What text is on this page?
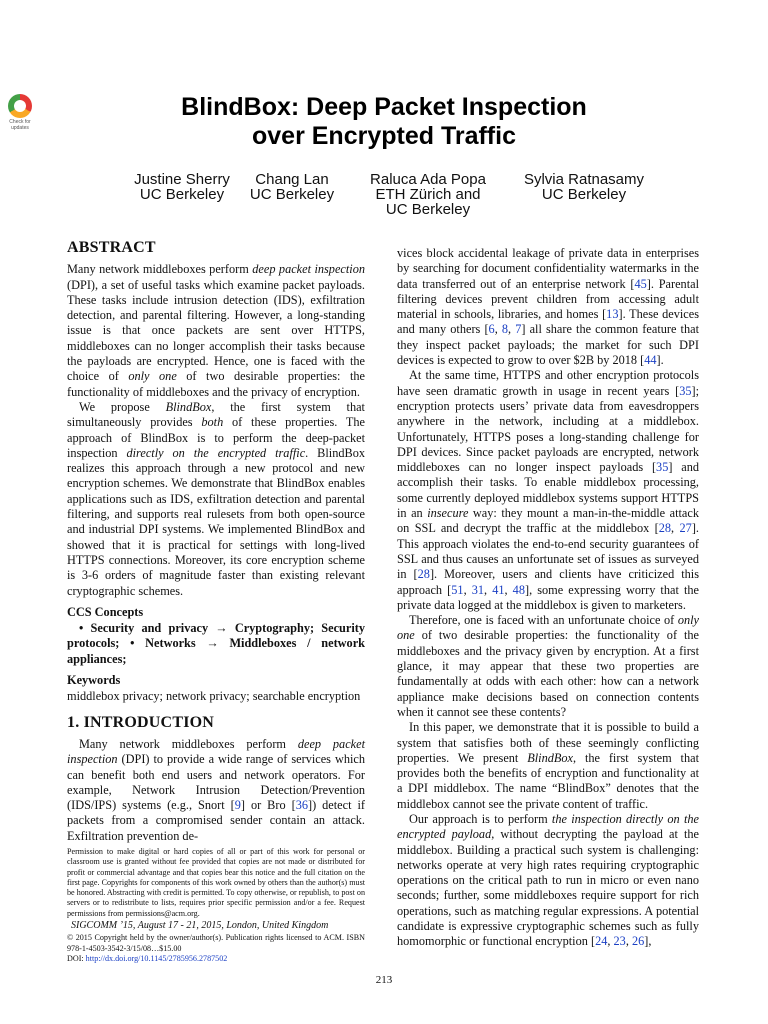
Check for
updates
BlindBox: Deep Packet Inspection
over Encrypted Traffic
Justine Sherry
UC Berkeley
Chang Lan
UC Berkeley
Raluca Ada Popa
ETH Zürich and
UC Berkeley
Sylvia Ratnasamy
UC Berkeley
ABSTRACT

Many network middleboxes perform deep packet inspection (DPI), a set of useful tasks which examine packet payloads. These tasks include intrusion detection (IDS), exfiltration detection, and parental filtering. However, a long-standing issue is that once packets are sent over HTTPS, middleboxes can no longer accomplish their tasks because the payloads are encrypted. Hence, one is faced with the choice of only one of two desirable properties: the functionality of middleboxes and the privacy of encryption.

We propose BlindBox, the first system that simultaneously provides both of these properties. The approach of BlindBox is to perform the deep-packet inspection directly on the encrypted traffic. BlindBox realizes this approach through a new protocol and new encryption schemes. We demonstrate that BlindBox enables applications such as IDS, exfiltration detection and parental filtering, and supports real rulesets from both open-source and industrial DPI systems. We implemented BlindBox and showed that it is practical for settings with long-lived HTTPS connections. Moreover, its core encryption scheme is 3-6 orders of magnitude faster than existing relevant cryptographic schemes.

CCS Concepts

• Security and privacy → Cryptography; Security protocols; • Networks → Middleboxes / network appliances;

Keywords

middlebox privacy; network privacy; searchable encryption

1. INTRODUCTION

Many network middleboxes perform deep packet inspection (DPI) to provide a wide range of services which can benefit both end users and network operators. For example, Network Intrusion Detection/Prevention (IDS/IPS) systems (e.g., Snort [9] or Bro [36]) detect if packets from a compromised sender contain an attack. Exfiltration prevention de-

Permission to make digital or hard copies of all or part of this work for personal or classroom use is granted without fee provided that copies are not made or distributed for profit or commercial advantage and that copies bear this notice and the full citation on the first page. Copyrights for components of this work owned by others than the author(s) must be honored. Abstracting with credit is permitted. To copy otherwise, or republish, to post on servers or to redistribute to lists, requires prior specific permission and/or a fee. Request permissions from permissions@acm.org.

SIGCOMM ’15, August 17 - 21, 2015, London, United Kingdom

© 2015 Copyright held by the owner/author(s). Publication rights licensed to ACM. ISBN 978-1-4503-3542-3/15/08…$15.00

DOI: http://dx.doi.org/10.1145/2785956.2787502

vices block accidental leakage of private data in enterprises by searching for document confidentiality watermarks in the data transferred out of an enterprise network [45]. Parental filtering devices prevent children from accessing adult material in schools, libraries, and homes [13]. These devices and many others [6, 8, 7] all share the common feature that they inspect packet payloads; the market for such DPI devices is expected to grow to over $2B by 2018 [44].

At the same time, HTTPS and other encryption protocols have seen dramatic growth in usage in recent years [35]; encryption protects users’ private data from eavesdroppers anywhere in the network, including at a middlebox. Unfortunately, HTTPS poses a long-standing challenge for DPI devices. Since packet payloads are encrypted, network middleboxes can no longer inspect payloads [35] and accomplish their tasks. To enable middlebox processing, some currently deployed middlebox systems support HTTPS in an insecure way: they mount a man-in-the-middle attack on SSL and decrypt the traffic at the middlebox [28, 27]. This approach violates the end-to-end security guarantees of SSL and thus causes an unfortunate set of issues as surveyed in [28]. Moreover, users and clients have criticized this approach [51, 31, 41, 48], some expressing worry that the private data logged at the middlebox is given to marketers.

Therefore, one is faced with an unfortunate choice of only one of two desirable properties: the functionality of the middleboxes and the privacy given by encryption. At a first glance, it may appear that these two properties are fundamentally at odds with each other: how can a network appliance make decisions based on connection contents when it cannot see these contents?

In this paper, we demonstrate that it is possible to build a system that satisfies both of these seemingly conflicting properties. We present BlindBox, the first system that provides both the benefits of encryption and functionality at a DPI middlebox. The name “BlindBox” denotes that the middlebox cannot see the private content of traffic.

Our approach is to perform the inspection directly on the encrypted payload, without decrypting the payload at the middlebox. Building a practical such system is challenging: networks operate at very high rates requiring cryptographic operations on the critical path to run in micro or even nano seconds; further, some middleboxes require support for rich operations, such as matching regular expressions. A potential candidate is expressive cryptographic schemes such as fully homomorphic or functional encryption [24, 23, 26],

213
